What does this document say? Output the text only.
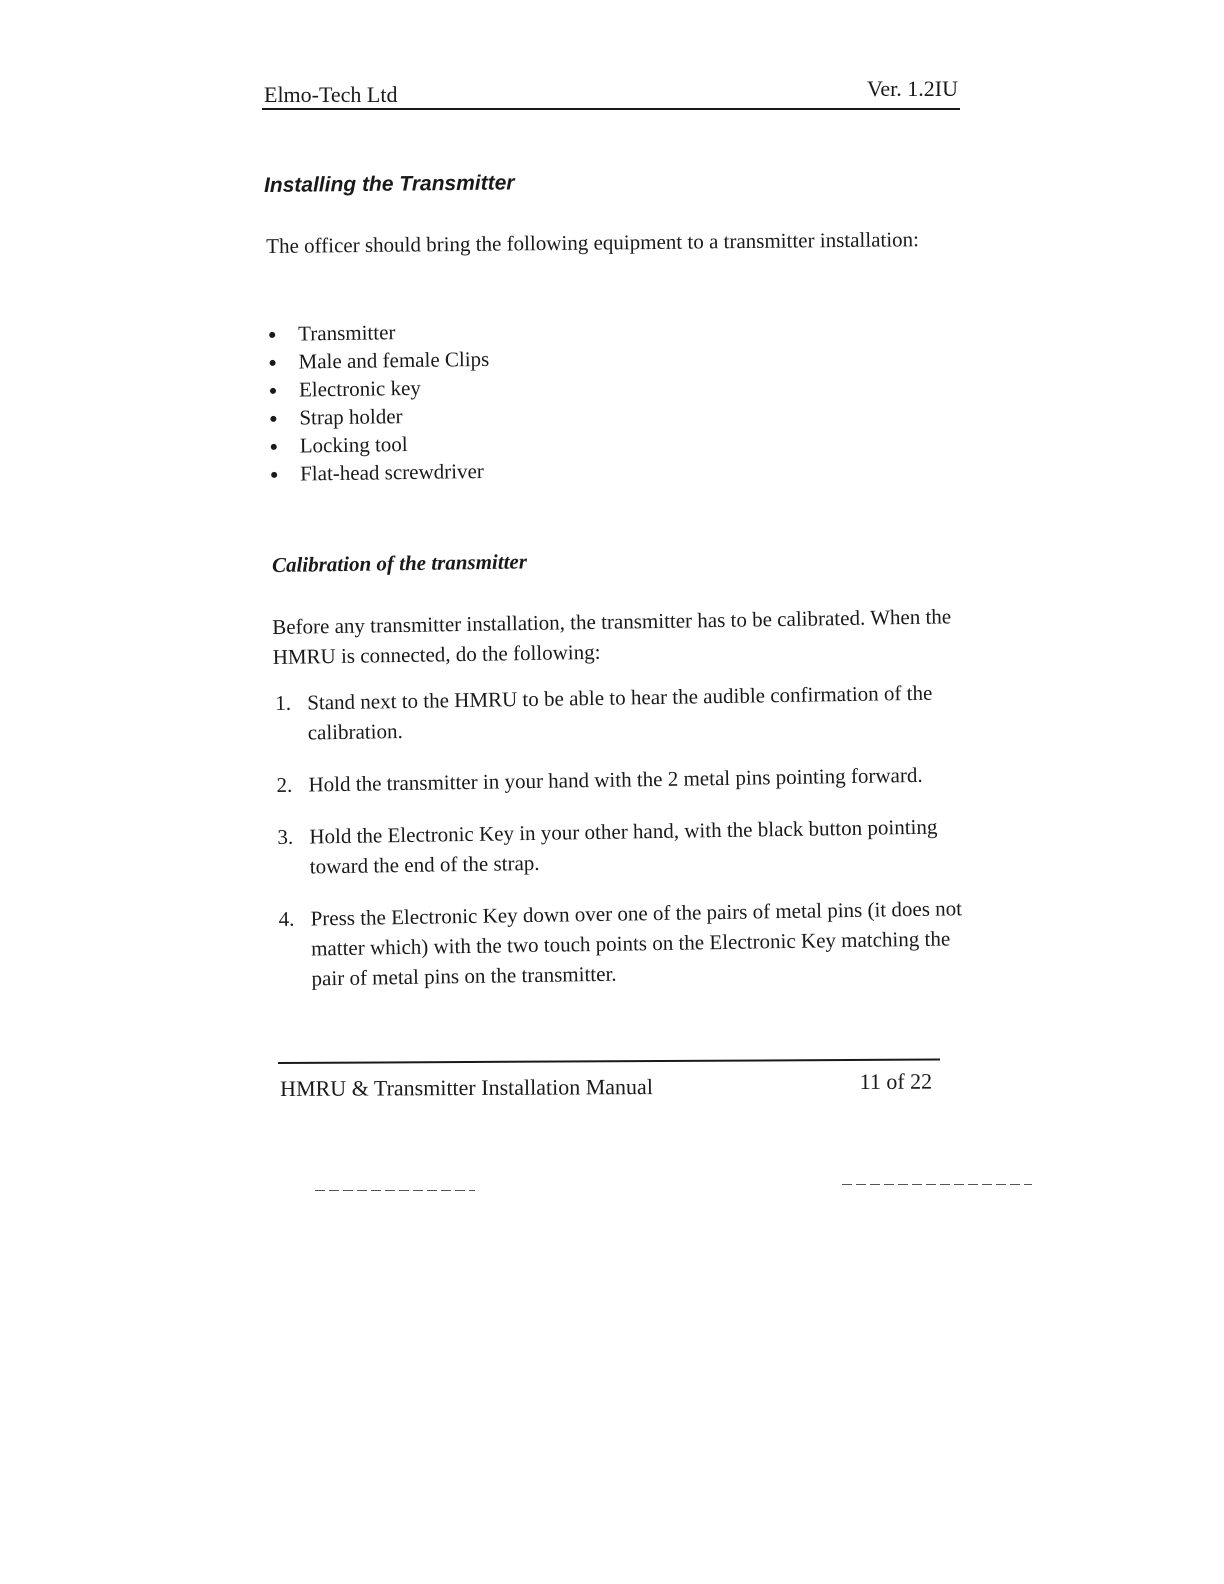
Elmo-Tech Ltd	Ver. 1.2IU
Installing the Transmitter
The officer should bring the following equipment to a transmitter installation:
Transmitter
Male and female Clips
Electronic key
Strap holder
Locking tool
Flat-head screwdriver
Calibration of the transmitter
Before any transmitter installation, the transmitter has to be calibrated. When the HMRU is connected, do the following:
1. Stand next to the HMRU to be able to hear the audible confirmation of the calibration.
2. Hold the transmitter in your hand with the 2 metal pins pointing forward.
3. Hold the Electronic Key in your other hand, with the black button pointing toward the end of the strap.
4. Press the Electronic Key down over one of the pairs of metal pins (it does not matter which) with the two touch points on the Electronic Key matching the pair of metal pins on the transmitter.
HMRU & Transmitter Installation Manual	11 of 22
